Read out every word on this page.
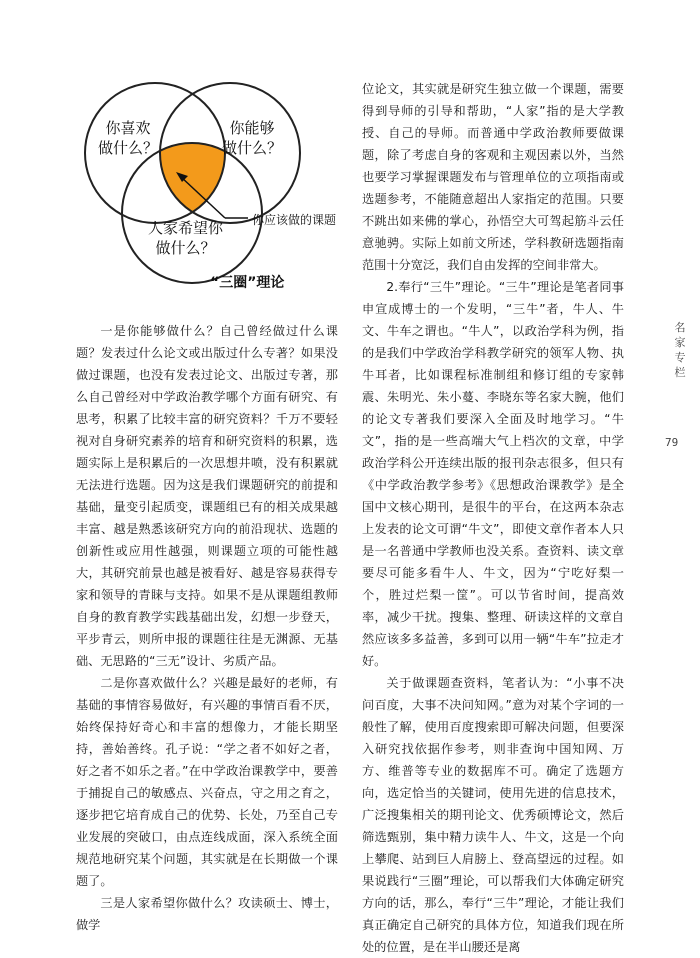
你喜欢
做什么？
你能够
做什么？
人家希望你
做什么？
你应该做的课题
“三圈”理论

一是你能够做什么？自己曾经做过什么课题？发表过什么论文或出版过什么专著？如果没做过课题，也没有发表过论文、出版过专著，那么自己曾经对中学政治教学哪个方面有研究、有思考，积累了比较丰富的研究资料？千万不要轻视对自身研究素养的培育和研究资料的积累，选题实际上是积累后的一次思想井喷，没有积累就无法进行选题。因为这是我们课题研究的前提和基础，量变引起质变，课题组已有的相关成果越丰富、越是熟悉该研究方向的前沿现状、选题的创新性或应用性越强，则课题立项的可能性越大，其研究前景也越是被看好、越是容易获得专家和领导的青睐与支持。如果不是从课题组教师自身的教育教学实践基础出发，幻想一步登天，平步青云，则所申报的课题往往是无渊源、无基础、无思路的“三无”设计、劣质产品。

二是你喜欢做什么？兴趣是最好的老师，有基础的事情容易做好，有兴趣的事情百看不厌，始终保持好奇心和丰富的想像力，才能长期坚持，善始善终。孔子说：“学之者不如好之者，好之者不如乐之者。”在中学政治课教学中，要善于捕捉自己的敏感点、兴奋点，守之用之育之，逐步把它培育成自己的优势、长处，乃至自己专业发展的突破口，由点连线成面，深入系统全面规范地研究某个问题，其实就是在长期做一个课题了。

三是人家希望你做什么？攻读硕士、博士，做学

位论文，其实就是研究生独立做一个课题，需要得到导师的引导和帮助，“人家”指的是大学教授、自己的导师。而普通中学政治教师要做课题，除了考虑自身的客观和主观因素以外，当然也要学习掌握课题发布与管理单位的立项指南或选题参考，不能随意超出人家指定的范围。只要不跳出如来佛的掌心，孙悟空大可驾起筋斗云任意驰骋。实际上如前文所述，学科教研选题指南范围十分宽泛，我们自由发挥的空间非常大。

2.奉行“三牛”理论。“三牛”理论是笔者同事申宣成博士的一个发明，“三牛”者，牛人、牛文、牛车之谓也。“牛人”，以政治学科为例，指的是我们中学政治学科教学研究的领军人物、执牛耳者，比如课程标准制组和修订组的专家韩震、朱明光、朱小蔓、李晓东等名家大腕，他们的论文专著我们要深入全面及时地学习。“牛文”，指的是一些高端大气上档次的文章，中学政治学科公开连续出版的报刊杂志很多，但只有《中学政治教学参考》《思想政治课教学》是全国中文核心期刊，是很牛的平台，在这两本杂志上发表的论文可谓“牛文”，即使文章作者本人只是一名普通中学教师也没关系。查资料、读文章要尽可能多看牛人、牛文，因为“宁吃好梨一个，胜过烂梨一筐”。可以节省时间，提高效率，减少干扰。搜集、整理、研读这样的文章自然应该多多益善，多到可以用一辆“牛车”拉走才好。

关于做课题查资料，笔者认为：“小事不决问百度，大事不决问知网。”意为对某个字词的一般性了解，使用百度搜索即可解决问题，但要深入研究找依据作参考，则非查询中国知网、万方、维普等专业的数据库不可。确定了选题方向，选定恰当的关键词，使用先进的信息技术，广泛搜集相关的期刊论文、优秀硕博论文，然后筛选甄别，集中精力读牛人、牛文，这是一个向上攀爬、站到巨人肩膀上、登高望远的过程。如果说践行“三圈”理论，可以帮我们大体确定研究方向的话，那么，奉行“三牛”理论，才能让我们真正确定自己研究的具体方位，知道我们现在所处的位置，是在半山腰还是离

名
家
专
栏
79
